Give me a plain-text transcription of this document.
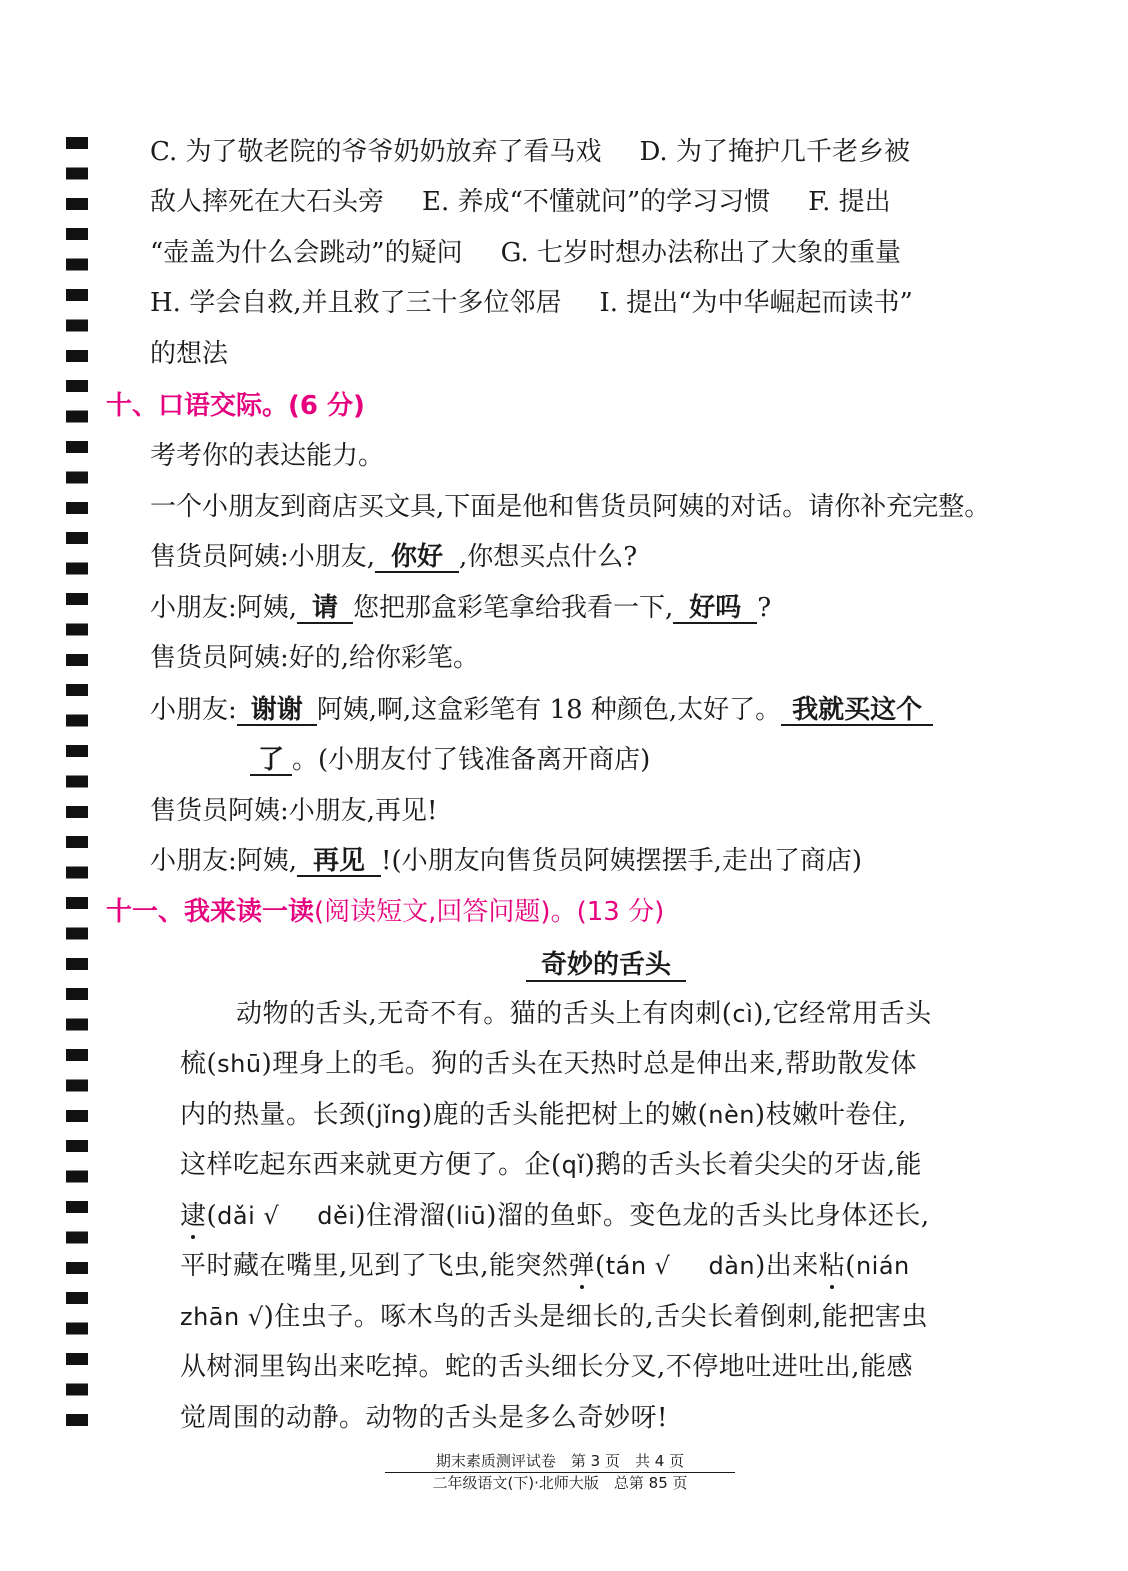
C. 为了敬老院的爷爷奶奶放弃了看马戏 D. 为了掩护几千老乡被
敌人摔死在大石头旁 E. 养成“不懂就问”的学习习惯 F. 提出
“壶盖为什么会跳动”的疑问 G. 七岁时想办法称出了大象的重量
H. 学会自救,并且救了三十多位邻居 I. 提出“为中华崛起而读书”
的想法
十、口语交际。(6 分)
考考你的表达能力。
一个小朋友到商店买文具,下面是他和售货员阿姨的对话。请你补充完整。
售货员阿姨:小朋友, 你好 ,你想买点什么?
小朋友:阿姨, 请 您把那盒彩笔拿给我看一下, 好吗 ?
售货员阿姨:好的,给你彩笔。
小朋友: 谢谢 阿姨,啊,这盒彩笔有 18 种颜色,太好了。 我就买这个
了 。(小朋友付了钱准备离开商店)
售货员阿姨:小朋友,再见!
小朋友:阿姨, 再见 !(小朋友向售货员阿姨摆摆手,走出了商店)
十一、我来读一读(阅读短文,回答问题)。(13 分)
奇妙的舌头
动物的舌头,无奇不有。猫的舌头上有肉刺(cì),它经常用舌头
梳(shū)理身上的毛。狗的舌头在天热时总是伸出来,帮助散发体
内的热量。长颈(jǐng)鹿的舌头能把树上的嫩(nèn)枝嫩叶卷住,
这样吃起东西来就更方便了。企(qǐ)鹅的舌头长着尖尖的牙齿,能
逮(dǎi √ děi)住滑溜(liū)溜的鱼虾。变色龙的舌头比身体还长,
平时藏在嘴里,见到了飞虫,能突然弹(tán √ dàn)出来粘(nián
zhān √)住虫子。啄木鸟的舌头是细长的,舌尖长着倒刺,能把害虫
从树洞里钩出来吃掉。蛇的舌头细长分叉,不停地吐进吐出,能感
觉周围的动静。动物的舌头是多么奇妙呀!
期末素质测评试卷　第 3 页　共 4 页
二年级语文(下)·北师大版　总第 85 页
